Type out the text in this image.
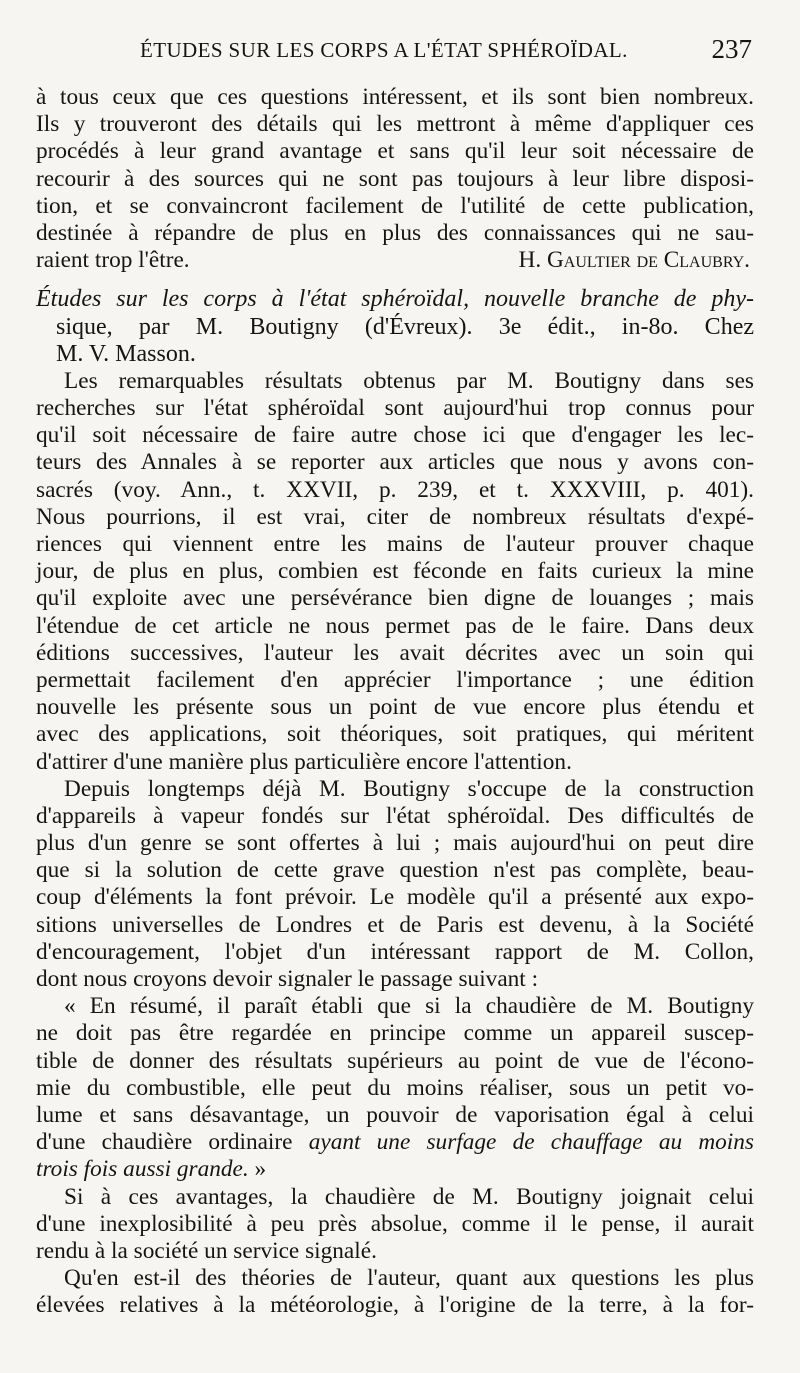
ÉTUDES SUR LES CORPS A L'ÉTAT SPHÉROÏDAL.	237
à tous ceux que ces questions intéressent, et ils sont bien nombreux.
Ils y trouveront des détails qui les mettront à même d'appliquer ces
procédés à leur grand avantage et sans qu'il leur soit nécessaire de
recourir à des sources qui ne sont pas toujours à leur libre disposi-
tion, et se convaincront facilement de l'utilité de cette publication,
destinée à répandre de plus en plus des connaissances qui ne sau-
raient trop l'être.	H. Gaultier de Claubry.
Études sur les corps à l'état sphéroïdal, nouvelle branche de phy-
sique, par M. Boutigny (d'Évreux). 3e édit., in-8o. Chez
M. V. Masson.
Les remarquables résultats obtenus par M. Boutigny dans ses
recherches sur l'état sphéroïdal sont aujourd'hui trop connus pour
qu'il soit nécessaire de faire autre chose ici que d'engager les lec-
teurs des Annales à se reporter aux articles que nous y avons con-
sacrés (voy. Ann., t. XXVII, p. 239, et t. XXXVIII, p. 401).
Nous pourrions, il est vrai, citer de nombreux résultats d'expé-
riences qui viennent entre les mains de l'auteur prouver chaque
jour, de plus en plus, combien est féconde en faits curieux la mine
qu'il exploite avec une persévérance bien digne de louanges ; mais
l'étendue de cet article ne nous permet pas de le faire. Dans deux
éditions successives, l'auteur les avait décrites avec un soin qui
permettait facilement d'en apprécier l'importance ; une édition
nouvelle les présente sous un point de vue encore plus étendu et
avec des applications, soit théoriques, soit pratiques, qui méritent
d'attirer d'une manière plus particulière encore l'attention.
Depuis longtemps déjà M. Boutigny s'occupe de la construction
d'appareils à vapeur fondés sur l'état sphéroïdal. Des difficultés de
plus d'un genre se sont offertes à lui ; mais aujourd'hui on peut dire
que si la solution de cette grave question n'est pas complète, beau-
coup d'éléments la font prévoir. Le modèle qu'il a présenté aux expo-
sitions universelles de Londres et de Paris est devenu, à la Société
d'encouragement, l'objet d'un intéressant rapport de M. Collon,
dont nous croyons devoir signaler le passage suivant :
« En résumé, il paraît établi que si la chaudière de M. Boutigny
ne doit pas être regardée en principe comme un appareil suscep-
tible de donner des résultats supérieurs au point de vue de l'écono-
mie du combustible, elle peut du moins réaliser, sous un petit vo-
lume et sans désavantage, un pouvoir de vaporisation égal à celui
d'une chaudière ordinaire ayant une surfage de chauffage au moins
trois fois aussi grande. »
Si à ces avantages, la chaudière de M. Boutigny joignait celui
d'une inexplosibilité à peu près absolue, comme il le pense, il aurait
rendu à la société un service signalé.
Qu'en est-il des théories de l'auteur, quant aux questions les plus
élevées relatives à la météorologie, à l'origine de la terre, à la for-
